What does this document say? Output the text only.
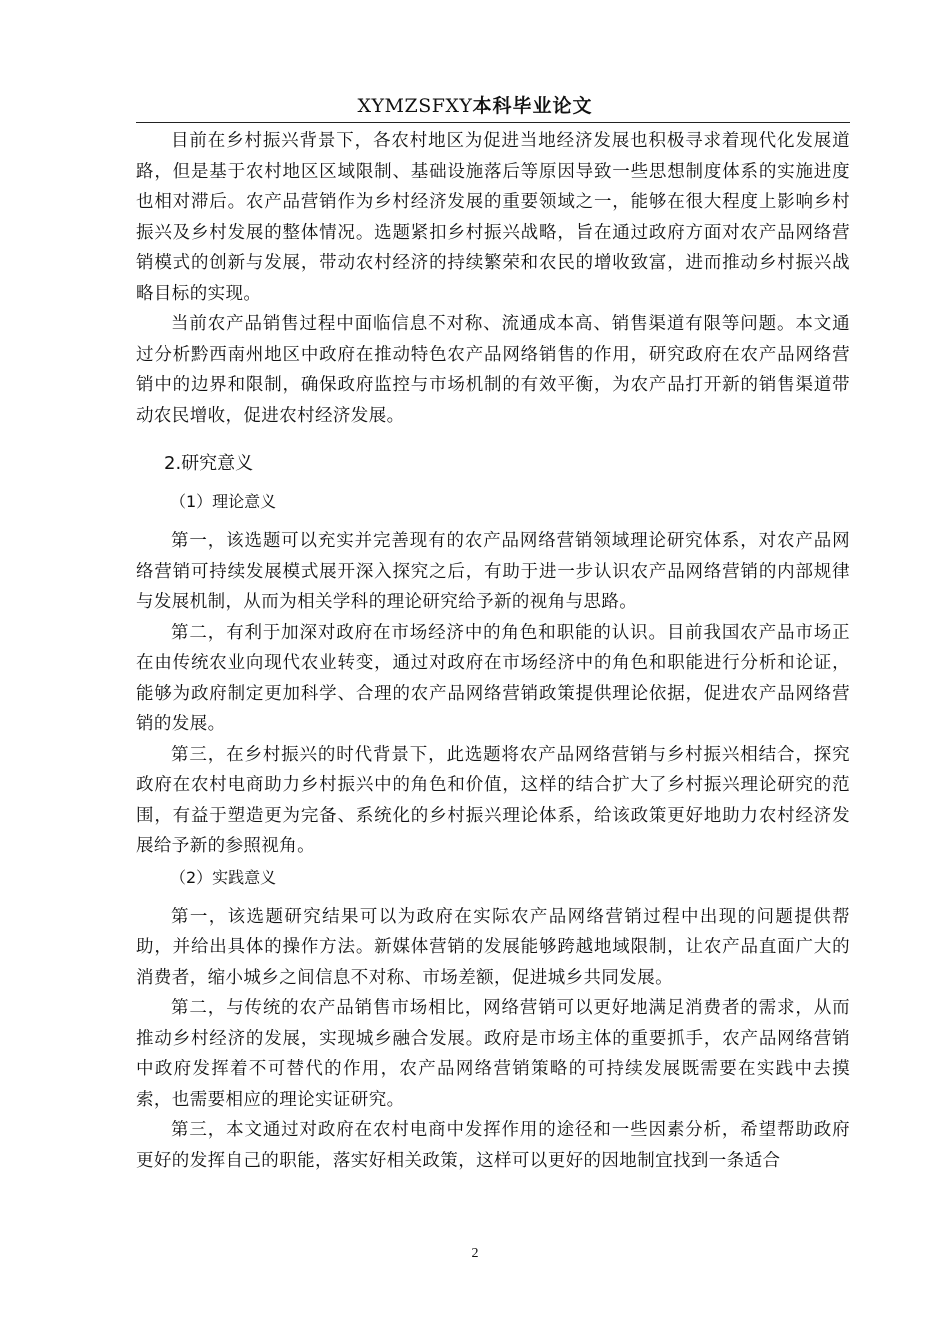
XYMZSFXY本科毕业论文

目前在乡村振兴背景下，各农村地区为促进当地经济发展也积极寻求着现代化发展道路，但是基于农村地区区域限制、基础设施落后等原因导致一些思想制度体系的实施进度也相对滞后。农产品营销作为乡村经济发展的重要领域之一，能够在很大程度上影响乡村振兴及乡村发展的整体情况。选题紧扣乡村振兴战略，旨在通过政府方面对农产品网络营销模式的创新与发展，带动农村经济的持续繁荣和农民的增收致富，进而推动乡村振兴战略目标的实现。

当前农产品销售过程中面临信息不对称、流通成本高、销售渠道有限等问题。本文通过分析黔西南州地区中政府在推动特色农产品网络销售的作用，研究政府在农产品网络营销中的边界和限制，确保政府监控与市场机制的有效平衡，为农产品打开新的销售渠道带动农民增收，促进农村经济发展。

2.研究意义
（1）理论意义

第一，该选题可以充实并完善现有的农产品网络营销领域理论研究体系，对农产品网络营销可持续发展模式展开深入探究之后，有助于进一步认识农产品网络营销的内部规律与发展机制，从而为相关学科的理论研究给予新的视角与思路。

第二，有利于加深对政府在市场经济中的角色和职能的认识。目前我国农产品市场正在由传统农业向现代农业转变，通过对政府在市场经济中的角色和职能进行分析和论证，能够为政府制定更加科学、合理的农产品网络营销政策提供理论依据，促进农产品网络营销的发展。

第三，在乡村振兴的时代背景下，此选题将农产品网络营销与乡村振兴相结合，探究政府在农村电商助力乡村振兴中的角色和价值，这样的结合扩大了乡村振兴理论研究的范围，有益于塑造更为完备、系统化的乡村振兴理论体系，给该政策更好地助力农村经济发展给予新的参照视角。

（2）实践意义

第一，该选题研究结果可以为政府在实际农产品网络营销过程中出现的问题提供帮助，并给出具体的操作方法。新媒体营销的发展能够跨越地域限制，让农产品直面广大的消费者，缩小城乡之间信息不对称、市场差额，促进城乡共同发展。

第二，与传统的农产品销售市场相比，网络营销可以更好地满足消费者的需求，从而推动乡村经济的发展，实现城乡融合发展。政府是市场主体的重要抓手，农产品网络营销中政府发挥着不可替代的作用，农产品网络营销策略的可持续发展既需要在实践中去摸索，也需要相应的理论实证研究。

第三，本文通过对政府在农村电商中发挥作用的途径和一些因素分析，希望帮助政府更好的发挥自己的职能，落实好相关政策，这样可以更好的因地制宜找到一条适合

2
